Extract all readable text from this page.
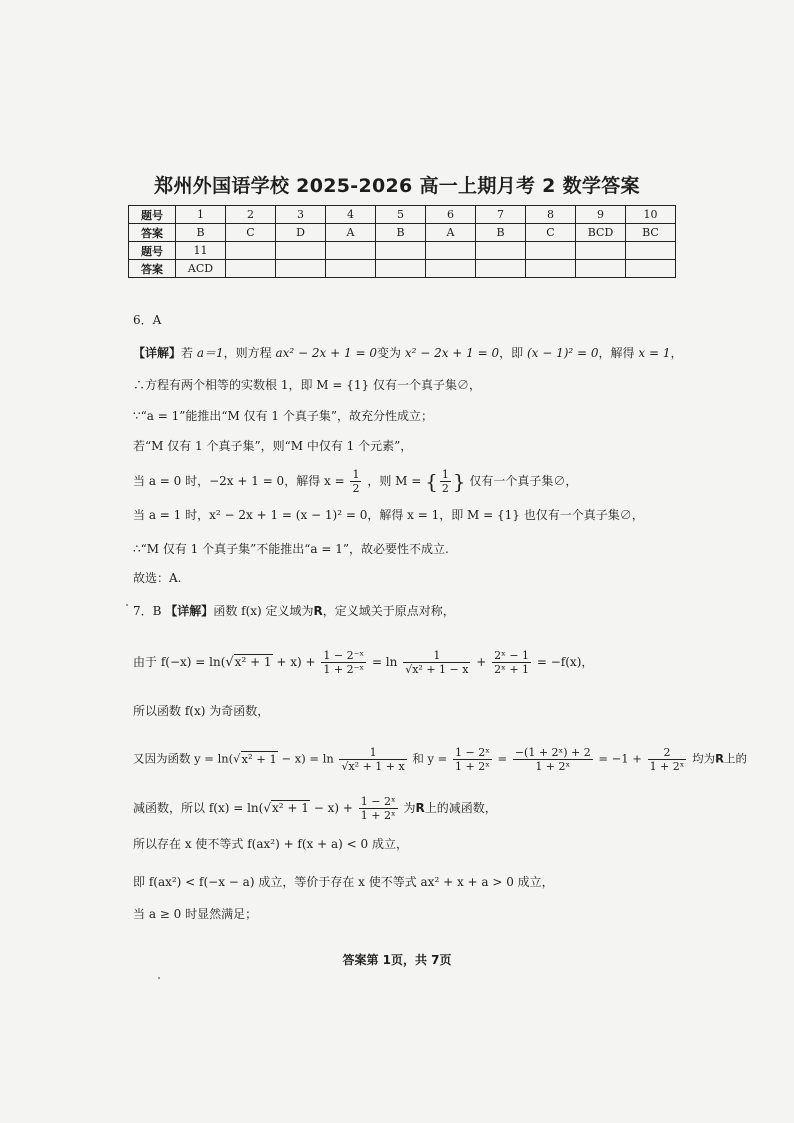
郑州外国语学校 2025-2026 高一上期月考 2 数学答案
题号	1	2	3	4	5	6	7	8	9	10
答案	B	C	D	A	B	A	B	C	BCD	BC
题号	11									
答案	ACD									
6．A
【详解】若 a＝1，则方程 ax² − 2x + 1 = 0变为 x² − 2x + 1 = 0，即 (x − 1)² = 0，解得 x = 1，
∴方程有两个相等的实数根 1，即 M = {1} 仅有一个真子集∅，
∵“a = 1”能推出“M 仅有 1 个真子集”，故充分性成立；
若“M 仅有 1 个真子集”，则“M 中仅有 1 个元素”，
当 a = 0 时，−2x + 1 = 0，解得 $x = \frac{1}{2}$ ，则 M = { $\frac{1}{2}$ } 仅有一个真子集∅，
当 a = 1 时，x² − 2x + 1 = (x − 1)² = 0，解得 x = 1，即 M = {1} 也仅有一个真子集∅，
∴“M 仅有 1 个真子集”不能推出“a = 1”，故必要性不成立.
故选：A.
7．B 【详解】函数 f(x) 定义域为R，定义域关于原点对称，
由于 $f(-x) = \ln(√x^2 + 1 + x) + \frac{\text{1 − 2⁻ˣ}}{\text{1 + 2⁻ˣ}} = \ln \frac{1}{\text{√x² + 1 − x}} + \frac{\text{2ˣ − 1}}{\text{2ˣ + 1}} = -f(x)$，
所以函数 f(x) 为奇函数，
又因为函数 $y = \ln(√x^2 + 1 - x) = \ln \frac{1}{\text{√x² + 1 + x}}$ 和 $y = \frac{\text{1 − 2ˣ}}{\text{1 + 2ˣ}} = \frac{\text{−(1 + 2ˣ) + 2}}{\text{1 + 2ˣ}} = -1 + \frac{2}{\text{1 + 2ˣ}}$ 均为R上的
减函数，所以 $f(x) = \ln(√x^2 + 1 - x) + \frac{\text{1 − 2ˣ}}{\text{1 + 2ˣ}}$ 为R上的减函数，
所以存在 x 使不等式 f(ax²) + f(x + a) < 0 成立，
即 f(ax²) < f(−x − a) 成立，等价于存在 x 使不等式 ax² + x + a > 0 成立，
当 a ≥ 0 时显然满足；
答案第 1页，共 7页
